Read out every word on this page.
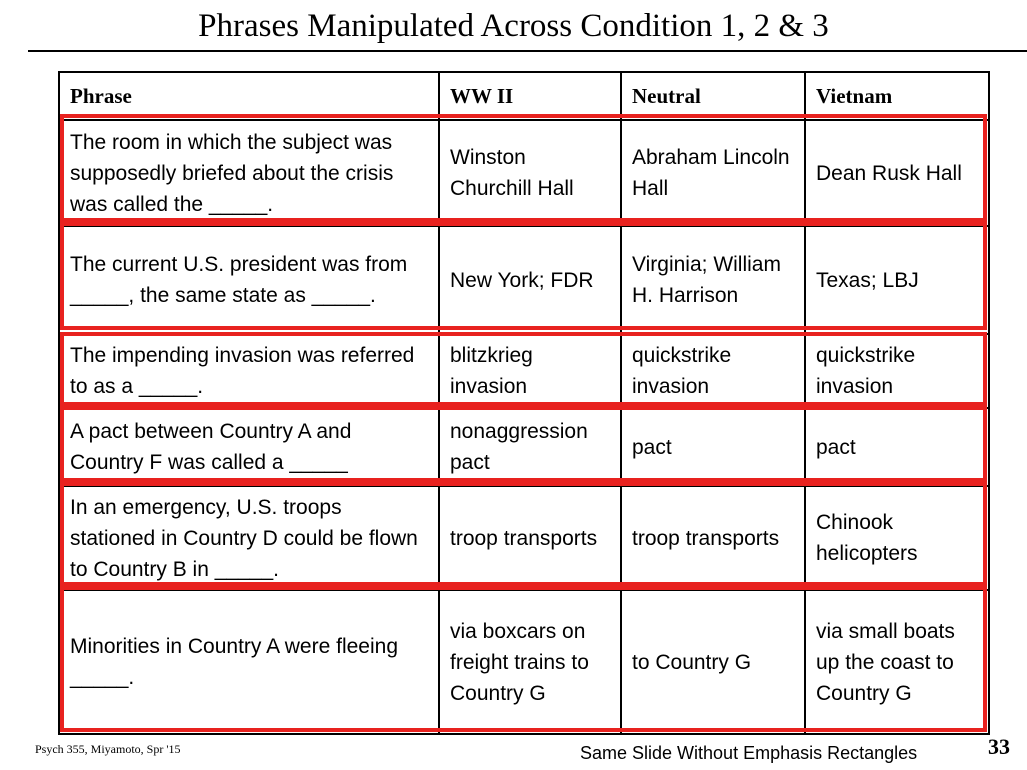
Phrases Manipulated Across Condition 1, 2 & 3
Phrase	WW II	Neutral	Vietnam
The room in which the subject was supposedly briefed about the crisis was called the _____.	Winston Churchill Hall	Abraham Lincoln Hall	Dean Rusk Hall
The current U.S. president was from _____, the same state as _____.	New York; FDR	Virginia; William H. Harrison	Texas; LBJ
The impending invasion was referred to as a _____.	blitzkrieg invasion	quickstrike invasion	quickstrike invasion
A pact between Country A and Country F was called a _____	nonaggression pact	pact	pact
In an emergency, U.S. troops stationed in Country D could be flown to Country B in _____.	troop transports	troop transports	Chinook helicopters
Minorities in Country A were fleeing _____.	via boxcars on freight trains to Country G	to Country G	via small boats up the coast to Country G
Psych 355, Miyamoto, Spr '15	Same Slide Without Emphasis Rectangles	33
